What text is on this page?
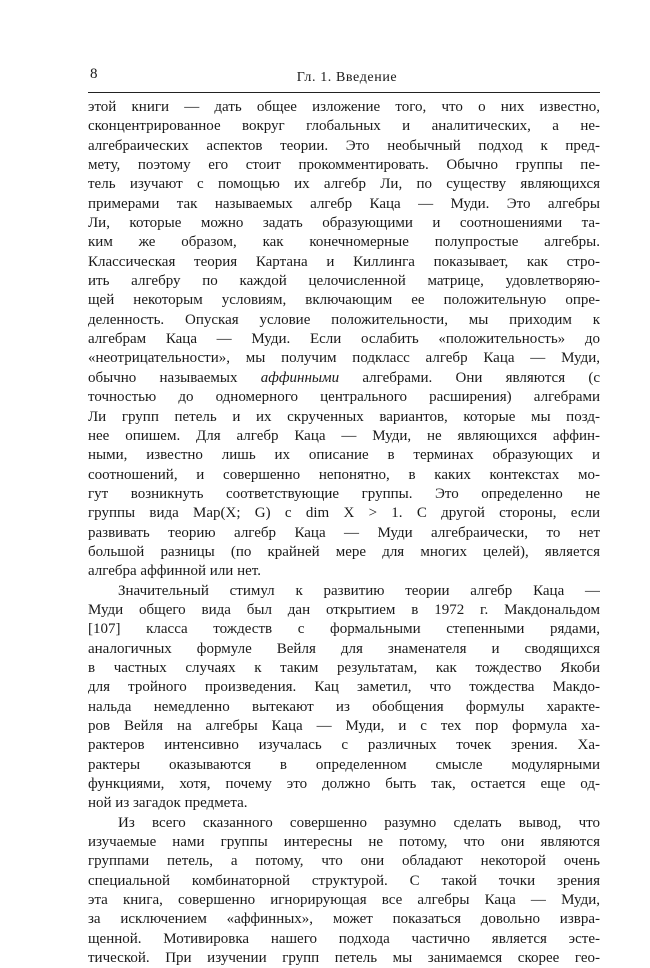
8	Гл. 1. Введение
этой книги — дать общее изложение того, что о них известно,
сконцентрированное вокруг глобальных и аналитических, а не-
алгебраических аспектов теории. Это необычный подход к пред-
мету, поэтому его стоит прокомментировать. Обычно группы пе-
тель изучают с помощью их алгебр Ли, по существу являющихся
примерами так называемых алгебр Каца — Муди. Это алгебры
Ли, которые можно задать образующими и соотношениями та-
ким же образом, как конечномерные полупростые алгебры.
Классическая теория Картана и Киллинга показывает, как стро-
ить алгебру по каждой целочисленной матрице, удовлетворяю-
щей некоторым условиям, включающим ее положительную опре-
деленность. Опуская условие положительности, мы приходим к
алгебрам Каца — Муди. Если ослабить «положительность» до
«неотрицательности», мы получим подкласс алгебр Каца — Муди,
обычно называемых аффинными алгебрами. Они являются (с
точностью до одномерного центрального расширения) алгебрами
Ли групп петель и их скрученных вариантов, которые мы позд-
нее опишем. Для алгебр Каца — Муди, не являющихся аффин-
ными, известно лишь их описание в терминах образующих и
соотношений, и совершенно непонятно, в каких контекстах мо-
гут возникнуть соответствующие группы. Это определенно не
группы вида Map(X; G) с dim X > 1. С другой стороны, если
развивать теорию алгебр Каца — Муди алгебраически, то нет
большой разницы (по крайней мере для многих целей), является
алгебра аффинной или нет.
Значительный стимул к развитию теории алгебр Каца —
Муди общего вида был дан открытием в 1972 г. Макдональдом
[107] класса тождеств с формальными степенными рядами,
аналогичных формуле Вейля для знаменателя и сводящихся
в частных случаях к таким результатам, как тождество Якоби
для тройного произведения. Кац заметил, что тождества Макдо-
нальда немедленно вытекают из обобщения формулы характе-
ров Вейля на алгебры Каца — Муди, и с тех пор формула ха-
рактеров интенсивно изучалась с различных точек зрения. Ха-
рактеры оказываются в определенном смысле модулярными
функциями, хотя, почему это должно быть так, остается еще од-
ной из загадок предмета.
Из всего сказанного совершенно разумно сделать вывод, что
изучаемые нами группы интересны не потому, что они являются
группами петель, а потому, что они обладают некоторой очень
специальной комбинаторной структурой. С такой точки зрения
эта книга, совершенно игнорирующая все алгебры Каца — Муди,
за исключением «аффинных», может показаться довольно извра-
щенной. Мотивировка нашего подхода частично является эсте-
тической. При изучении групп петель мы занимаемся скорее гео-
